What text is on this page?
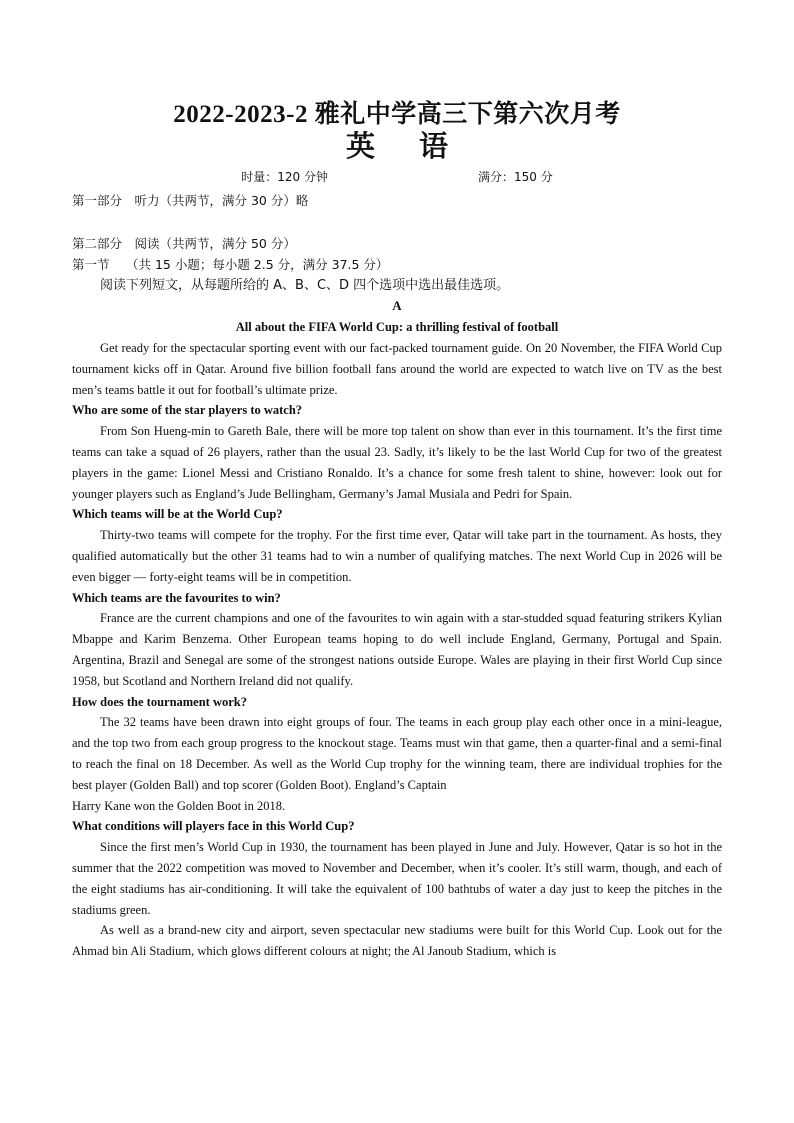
2022-2023-2 雅礼中学高三下第六次月考
英语
时量：120 分钟	满分：150 分

第一部分　听力（共两节，满分 30 分）略

第二部分　阅读（共两节，满分 50 分）

第一节　 （共 15 小题；每小题 2.5 分，满分 37.5 分）

阅读下列短文，从每题所给的 A、B、C、D 四个选项中选出最佳选项。

A

All about the FIFA World Cup: a thrilling festival of football

Get ready for the spectacular sporting event with our fact-packed tournament guide. On 20 November, the FIFA World Cup tournament kicks off in Qatar. Around five billion football fans around the world are expected to watch live on TV as the best men’s teams battle it out for football’s ultimate prize.

Who are some of the star players to watch?

From Son Hueng-min to Gareth Bale, there will be more top talent on show than ever in this tournament. It’s the first time teams can take a squad of 26 players, rather than the usual 23. Sadly, it’s likely to be the last World Cup for two of the greatest players in the game: Lionel Messi and Cristiano Ronaldo. It’s a chance for some fresh talent to shine, however: look out for younger players such as England’s Jude Bellingham, Germany’s Jamal Musiala and Pedri for Spain.

Which teams will be at the World Cup?

Thirty-two teams will compete for the trophy. For the first time ever, Qatar will take part in the tournament. As hosts, they qualified automatically but the other 31 teams had to win a number of qualifying matches. The next World Cup in 2026 will be even bigger — forty-eight teams will be in competition.

Which teams are the favourites to win?

France are the current champions and one of the favourites to win again with a star-studded squad featuring strikers Kylian Mbappe and Karim Benzema. Other European teams hoping to do well include England, Germany, Portugal and Spain. Argentina, Brazil and Senegal are some of the strongest nations outside Europe. Wales are playing in their first World Cup since 1958, but Scotland and Northern Ireland did not qualify.

How does the tournament work?

The 32 teams have been drawn into eight groups of four. The teams in each group play each other once in a mini-league, and the top two from each group progress to the knockout stage. Teams must win that game, then a quarter-final and a semi-final to reach the final on 18 December. As well as the World Cup trophy for the winning team, there are individual trophies for the best player (Golden Ball) and top scorer (Golden Boot). England’s Captain

Harry Kane won the Golden Boot in 2018.

What conditions will players face in this World Cup?

Since the first men’s World Cup in 1930, the tournament has been played in June and July. However, Qatar is so hot in the summer that the 2022 competition was moved to November and December, when it’s cooler. It’s still warm, though, and each of the eight stadiums has air-conditioning. It will take the equivalent of 100 bathtubs of water a day just to keep the pitches in the stadiums green.

As well as a brand-new city and airport, seven spectacular new stadiums were built for this World Cup. Look out for the Ahmad bin Ali Stadium, which glows different colours at night; the Al Janoub Stadium, which is
